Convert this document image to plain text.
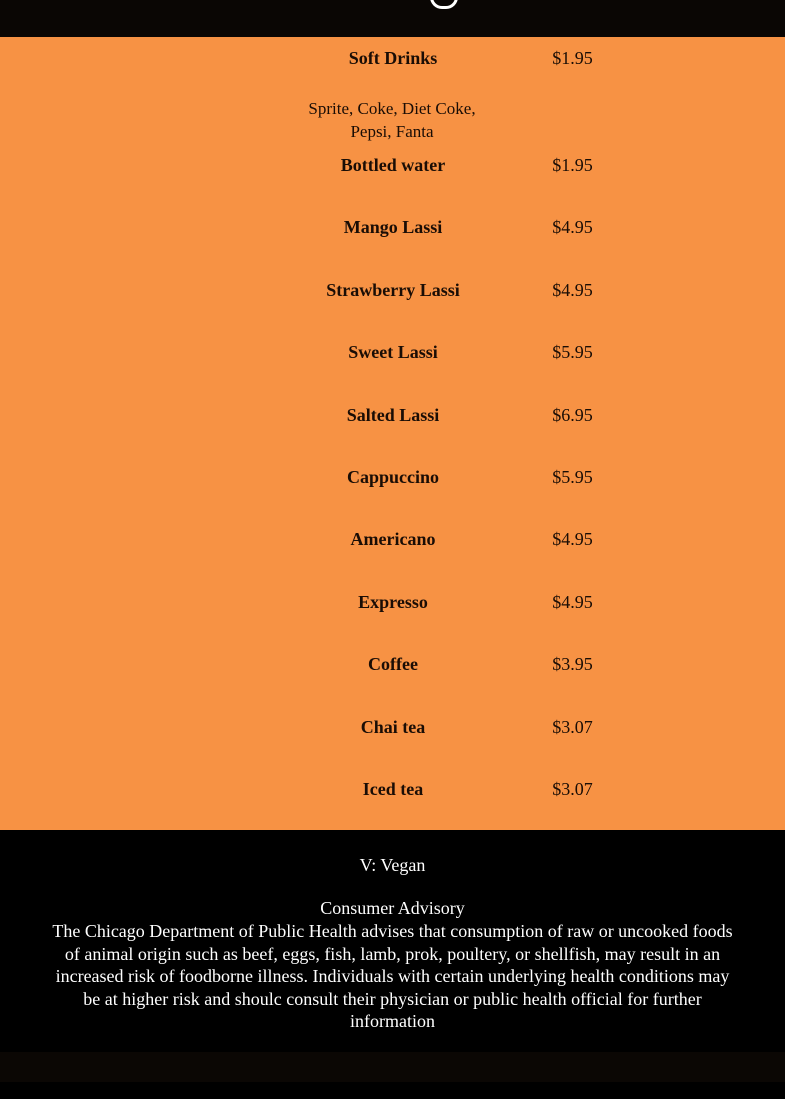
Soft Drinks	$1.95
Sprite, Coke, Diet Coke, Pepsi, Fanta
Bottled water	$1.95
Mango Lassi	$4.95
Strawberry Lassi	$4.95
Sweet Lassi	$5.95
Salted Lassi	$6.95
Cappuccino	$5.95
Americano	$4.95
Expresso	$4.95
Coffee	$3.95
Chai tea	$3.07
Iced tea	$3.07
V: Vegan
Consumer Advisory
The Chicago Department of Public Health advises that consumption of raw or uncooked foods of animal origin such as beef, eggs, fish, lamb, prok, poultery, or shellfish, may result in an increased risk of foodborne illness. Individuals with certain underlying health conditions may be at higher risk and shoulc consult their physician or public health official for further information
